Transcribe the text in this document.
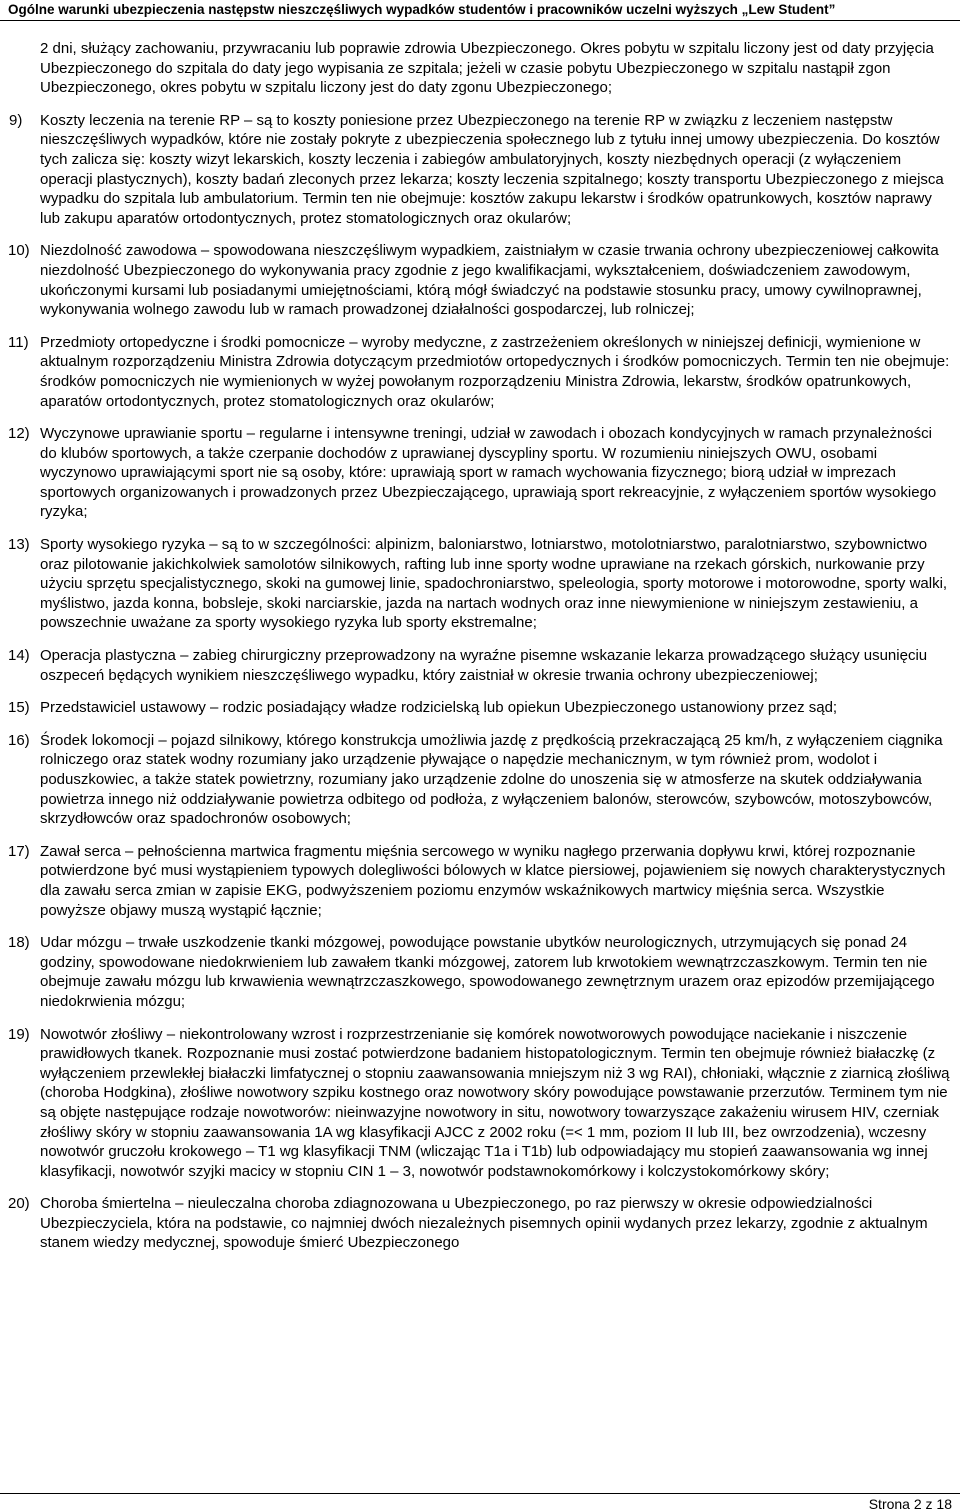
Ogólne warunki ubezpieczenia następstw nieszczęśliwych wypadków studentów i pracowników uczelni wyższych „Lew Student”

2 dni, służący zachowaniu, przywracaniu lub poprawie zdrowia Ubezpieczonego. Okres pobytu w szpitalu liczony jest od daty przyjęcia Ubezpieczonego do szpitala do daty jego wypisania ze szpitala; jeżeli w czasie pobytu Ubezpieczonego w szpitalu nastąpił zgon Ubezpieczonego, okres pobytu w szpitalu liczony jest do daty zgonu Ubezpieczonego;

9) Koszty leczenia na terenie RP – są to koszty poniesione przez Ubezpieczonego na terenie RP w związku z leczeniem następstw nieszczęśliwych wypadków, które nie zostały pokryte z ubezpieczenia społecznego lub z tytułu innej umowy ubezpieczenia. Do kosztów tych zalicza się: koszty wizyt lekarskich, koszty leczenia i zabiegów ambulatoryjnych, koszty niezbędnych operacji (z wyłączeniem operacji plastycznych), koszty badań zleconych przez lekarza; koszty leczenia szpitalnego; koszty transportu Ubezpieczonego z miejsca wypadku do szpitala lub ambulatorium. Termin ten nie obejmuje: kosztów zakupu lekarstw i środków opatrunkowych, kosztów naprawy lub zakupu aparatów ortodontycznych, protez stomatologicznych oraz okularów;
10) Niezdolność zawodowa – spowodowana nieszczęśliwym wypadkiem, zaistniałym w czasie trwania ochrony ubezpieczeniowej całkowita niezdolność Ubezpieczonego do wykonywania pracy zgodnie z jego kwalifikacjami, wykształceniem, doświadczeniem zawodowym, ukończonymi kursami lub posiadanymi umiejętnościami, którą mógł świadczyć na podstawie stosunku pracy, umowy cywilnoprawnej, wykonywania wolnego zawodu lub w ramach prowadzonej działalności gospodarczej, lub rolniczej;
11) Przedmioty ortopedyczne i środki pomocnicze – wyroby medyczne, z zastrzeżeniem określonych w niniejszej definicji, wymienione w aktualnym rozporządzeniu Ministra Zdrowia dotyczącym przedmiotów ortopedycznych i środków pomocniczych. Termin ten nie obejmuje: środków pomocniczych nie wymienionych w wyżej powołanym rozporządzeniu Ministra Zdrowia, lekarstw, środków opatrunkowych, aparatów ortodontycznych, protez stomatologicznych oraz okularów;
12) Wyczynowe uprawianie sportu – regularne i intensywne treningi, udział w zawodach i obozach kondycyjnych w ramach przynależności do klubów sportowych, a także czerpanie dochodów z uprawianej dyscypliny sportu. W rozumieniu niniejszych OWU, osobami wyczynowo uprawiającymi sport nie są osoby, które: uprawiają sport w ramach wychowania fizycznego; biorą udział w imprezach sportowych organizowanych i prowadzonych przez Ubezpieczającego, uprawiają sport rekreacyjnie, z wyłączeniem sportów wysokiego ryzyka;
13) Sporty wysokiego ryzyka – są to w szczególności: alpinizm, baloniarstwo, lotniarstwo, motolotniarstwo, paralotniarstwo, szybownictwo oraz pilotowanie jakichkolwiek samolotów silnikowych, rafting lub inne sporty wodne uprawiane na rzekach górskich, nurkowanie przy użyciu sprzętu specjalistycznego, skoki na gumowej linie, spadochroniarstwo, speleologia, sporty motorowe i motorowodne, sporty walki, myślistwo, jazda konna, bobsleje, skoki narciarskie, jazda na nartach wodnych oraz inne niewymienione w niniejszym zestawieniu, a powszechnie uważane za sporty wysokiego ryzyka lub sporty ekstremalne;
14) Operacja plastyczna – zabieg chirurgiczny przeprowadzony na wyraźne pisemne wskazanie lekarza prowadzącego służący usunięciu oszpeceń będących wynikiem nieszczęśliwego wypadku, który zaistniał w okresie trwania ochrony ubezpieczeniowej;
15) Przedstawiciel ustawowy – rodzic posiadający władze rodzicielską lub opiekun Ubezpieczonego ustanowiony przez sąd;
16) Środek lokomocji – pojazd silnikowy, którego konstrukcja umożliwia jazdę z prędkością przekraczającą 25 km/h, z wyłączeniem ciągnika rolniczego oraz statek wodny rozumiany jako urządzenie pływające o napędzie mechanicznym, w tym również prom, wodolot i poduszkowiec, a także statek powietrzny, rozumiany jako urządzenie zdolne do unoszenia się w atmosferze na skutek oddziaływania powietrza innego niż oddziaływanie powietrza odbitego od podłoża, z wyłączeniem balonów, sterowców, szybowców, motoszybowców, skrzydłowców oraz spadochronów osobowych;
17) Zawał serca – pełnościenna martwica fragmentu mięśnia sercowego w wyniku nagłego przerwania dopływu krwi, której rozpoznanie potwierdzone być musi wystąpieniem typowych dolegliwości bólowych w klatce piersiowej, pojawieniem się nowych charakterystycznych dla zawału serca zmian w zapisie EKG, podwyższeniem poziomu enzymów wskaźnikowych martwicy mięśnia serca. Wszystkie powyższe objawy muszą wystąpić łącznie;
18) Udar mózgu – trwałe uszkodzenie tkanki mózgowej, powodujące powstanie ubytków neurologicznych, utrzymujących się ponad 24 godziny, spowodowane niedokrwieniem lub zawałem tkanki mózgowej, zatorem lub krwotokiem wewnątrzczaszkowym. Termin ten nie obejmuje zawału mózgu lub krwawienia wewnątrzczaszkowego, spowodowanego zewnętrznym urazem oraz epizodów przemijającego niedokrwienia mózgu;
19) Nowotwór złośliwy – niekontrolowany wzrost i rozprzestrzenianie się komórek nowotworowych powodujące naciekanie i niszczenie prawidłowych tkanek. Rozpoznanie musi zostać potwierdzone badaniem histopatologicznym. Termin ten obejmuje również białaczkę (z wyłączeniem przewlekłej białaczki limfatycznej o stopniu zaawansowania mniejszym niż 3 wg RAI), chłoniaki, włącznie z ziarnicą złośliwą (choroba Hodgkina), złośliwe nowotwory szpiku kostnego oraz nowotwory skóry powodujące powstawanie przerzutów. Terminem tym nie są objęte następujące rodzaje nowotworów: nieinwazyjne nowotwory in situ, nowotwory towarzyszące zakażeniu wirusem HIV, czerniak złośliwy skóry w stopniu zaawansowania 1A wg klasyfikacji AJCC z 2002 roku (=< 1 mm, poziom II lub III, bez owrzodzenia), wczesny nowotwór gruczołu krokowego – T1 wg klasyfikacji TNM (wliczając T1a i T1b) lub odpowiadający mu stopień zaawansowania wg innej klasyfikacji, nowotwór szyjki macicy w stopniu CIN 1 – 3, nowotwór podstawnokomórkowy i kolczystokomórkowy skóry;
20) Choroba śmiertelna – nieuleczalna choroba zdiagnozowana u Ubezpieczonego, po raz pierwszy w okresie odpowiedzialności Ubezpieczyciela, która na podstawie, co najmniej dwóch niezależnych pisemnych opinii wydanych przez lekarzy, zgodnie z aktualnym stanem wiedzy medycznej, spowoduje śmierć Ubezpieczonego
Strona 2 z 18
